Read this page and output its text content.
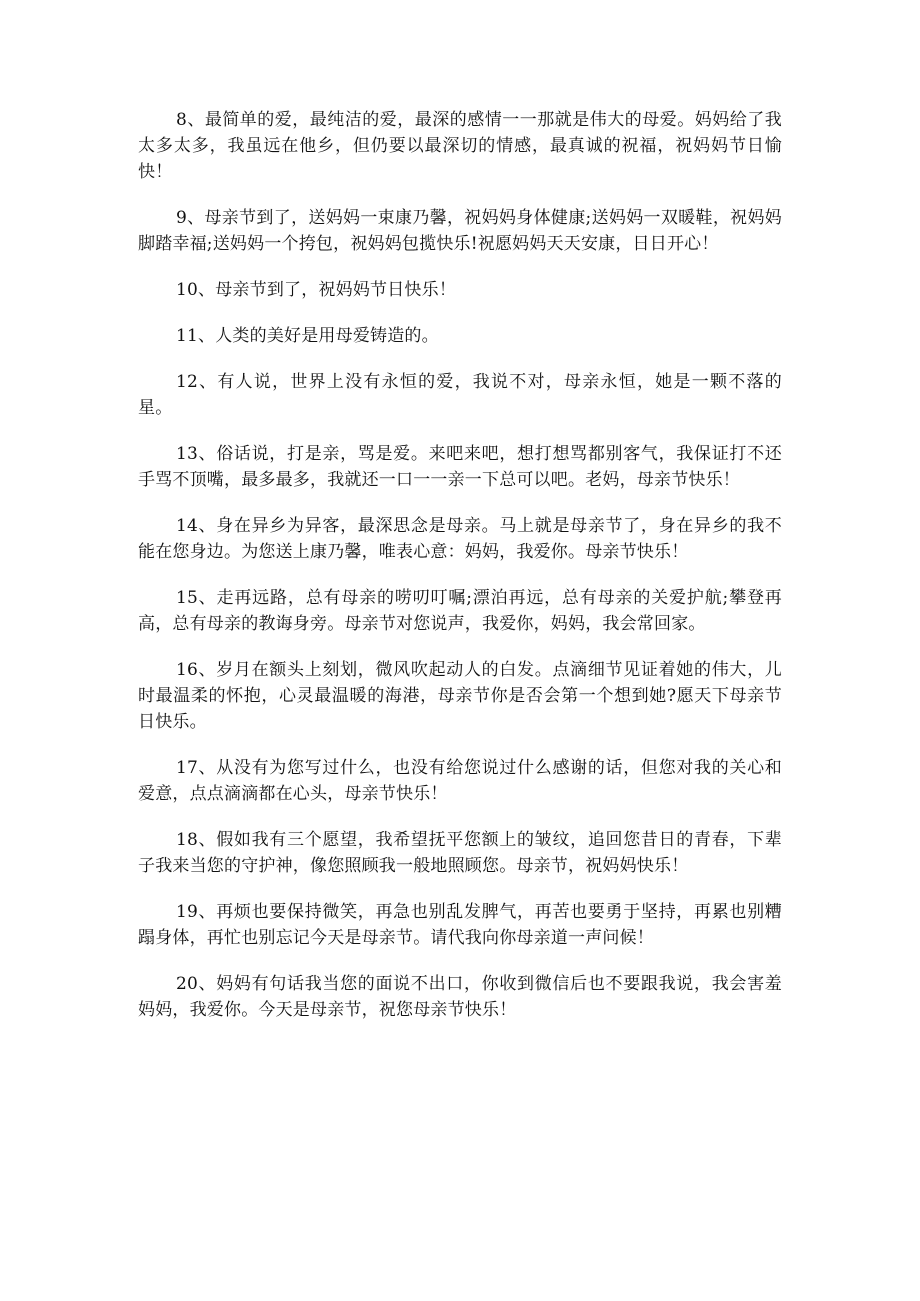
8、最简单的爱，最纯洁的爱，最深的感情一一那就是伟大的母爱。妈妈给了我太多太多，我虽远在他乡，但仍要以最深切的情感，最真诚的祝福，祝妈妈节日愉快！

9、母亲节到了，送妈妈一束康乃馨，祝妈妈身体健康;送妈妈一双暖鞋，祝妈妈脚踏幸福;送妈妈一个挎包，祝妈妈包揽快乐!祝愿妈妈天天安康，日日开心！

10、母亲节到了，祝妈妈节日快乐！

11、人类的美好是用母爱铸造的。

12、有人说，世界上没有永恒的爱，我说不对，母亲永恒，她是一颗不落的星。

13、俗话说，打是亲，骂是爱。来吧来吧，想打想骂都别客气，我保证打不还手骂不顶嘴，最多最多，我就还一口一一亲一下总可以吧。老妈，母亲节快乐！

14、身在异乡为异客，最深思念是母亲。马上就是母亲节了，身在异乡的我不能在您身边。为您送上康乃馨，唯表心意：妈妈，我爱你。母亲节快乐！

15、走再远路，总有母亲的唠叨叮嘱;漂泊再远，总有母亲的关爱护航;攀登再高，总有母亲的教诲身旁。母亲节对您说声，我爱你，妈妈，我会常回家。

16、岁月在额头上刻划，微风吹起动人的白发。点滴细节见证着她的伟大，儿时最温柔的怀抱，心灵最温暖的海港，母亲节你是否会第一个想到她?愿天下母亲节日快乐。

17、从没有为您写过什么，也没有给您说过什么感谢的话，但您对我的关心和爱意，点点滴滴都在心头，母亲节快乐！

18、假如我有三个愿望，我希望抚平您额上的皱纹，追回您昔日的青春，下辈子我来当您的守护神，像您照顾我一般地照顾您。母亲节，祝妈妈快乐！

19、再烦也要保持微笑，再急也别乱发脾气，再苦也要勇于坚持，再累也别糟蹋身体，再忙也别忘记今天是母亲节。请代我向你母亲道一声问候！

20、妈妈有句话我当您的面说不出口，你收到微信后也不要跟我说，我会害羞妈妈，我爱你。今天是母亲节，祝您母亲节快乐！
